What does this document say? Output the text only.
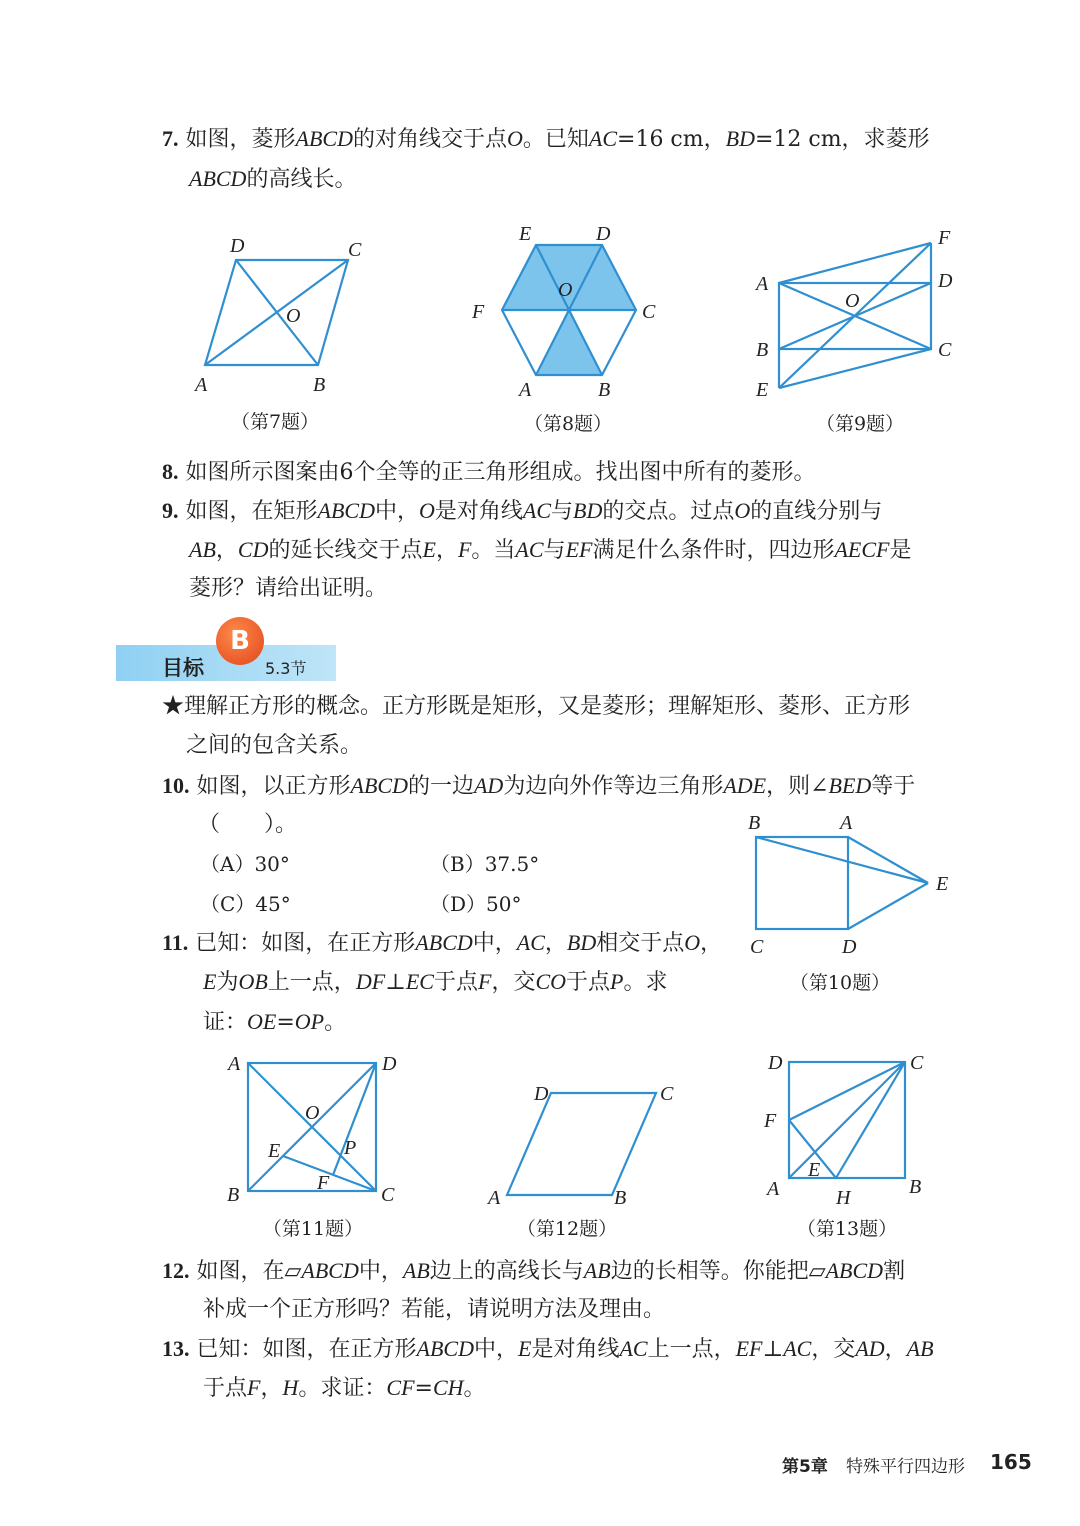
7. 如图，菱形ABCD的对角线交于点O。已知AC=16 cm，BD=12 cm，求菱形
ABCD的高线长。
D	C
O
A	B
（第7题）
E	D
O
F	C
A	B
（第8题）
F
A	D
O
B	C
E
（第9题）
8. 如图所示图案由6个全等的正三角形组成。找出图中所有的菱形。
9. 如图，在矩形ABCD中，O是对角线AC与BD的交点。过点O的直线分别与
AB，CD的延长线交于点E，F。当AC与EF满足什么条件时，四边形AECF是
菱形？请给出证明。
目标
B
5.3节
★理解正方形的概念。正方形既是矩形，又是菱形；理解矩形、菱形、正方形
之间的包含关系。
10. 如图，以正方形ABCD的一边AD为边向外作等边三角形ADE，则∠BED等于
（　　）。
（A）30°	（B）37.5°
（C）45°	（D）50°
B	A
E
C	D
（第10题）
11. 已知：如图，在正方形ABCD中，AC，BD相交于点O，
E为OB上一点，DF⊥EC于点F，交CO于点P。求
证：OE=OP。
A	D
O
E	P
F
B	C
（第11题）
D	C
A	B
（第12题）
D	C
F
E
A	H	B
（第13题）
12. 如图，在▱ABCD中，AB边上的高线长与AB边的长相等。你能把▱ABCD割
补成一个正方形吗？若能，请说明方法及理由。
13. 已知：如图，在正方形ABCD中，E是对角线AC上一点，EF⊥AC，交AD，AB
于点F，H。求证：CF=CH。
第5章 特殊平行四边形 165
